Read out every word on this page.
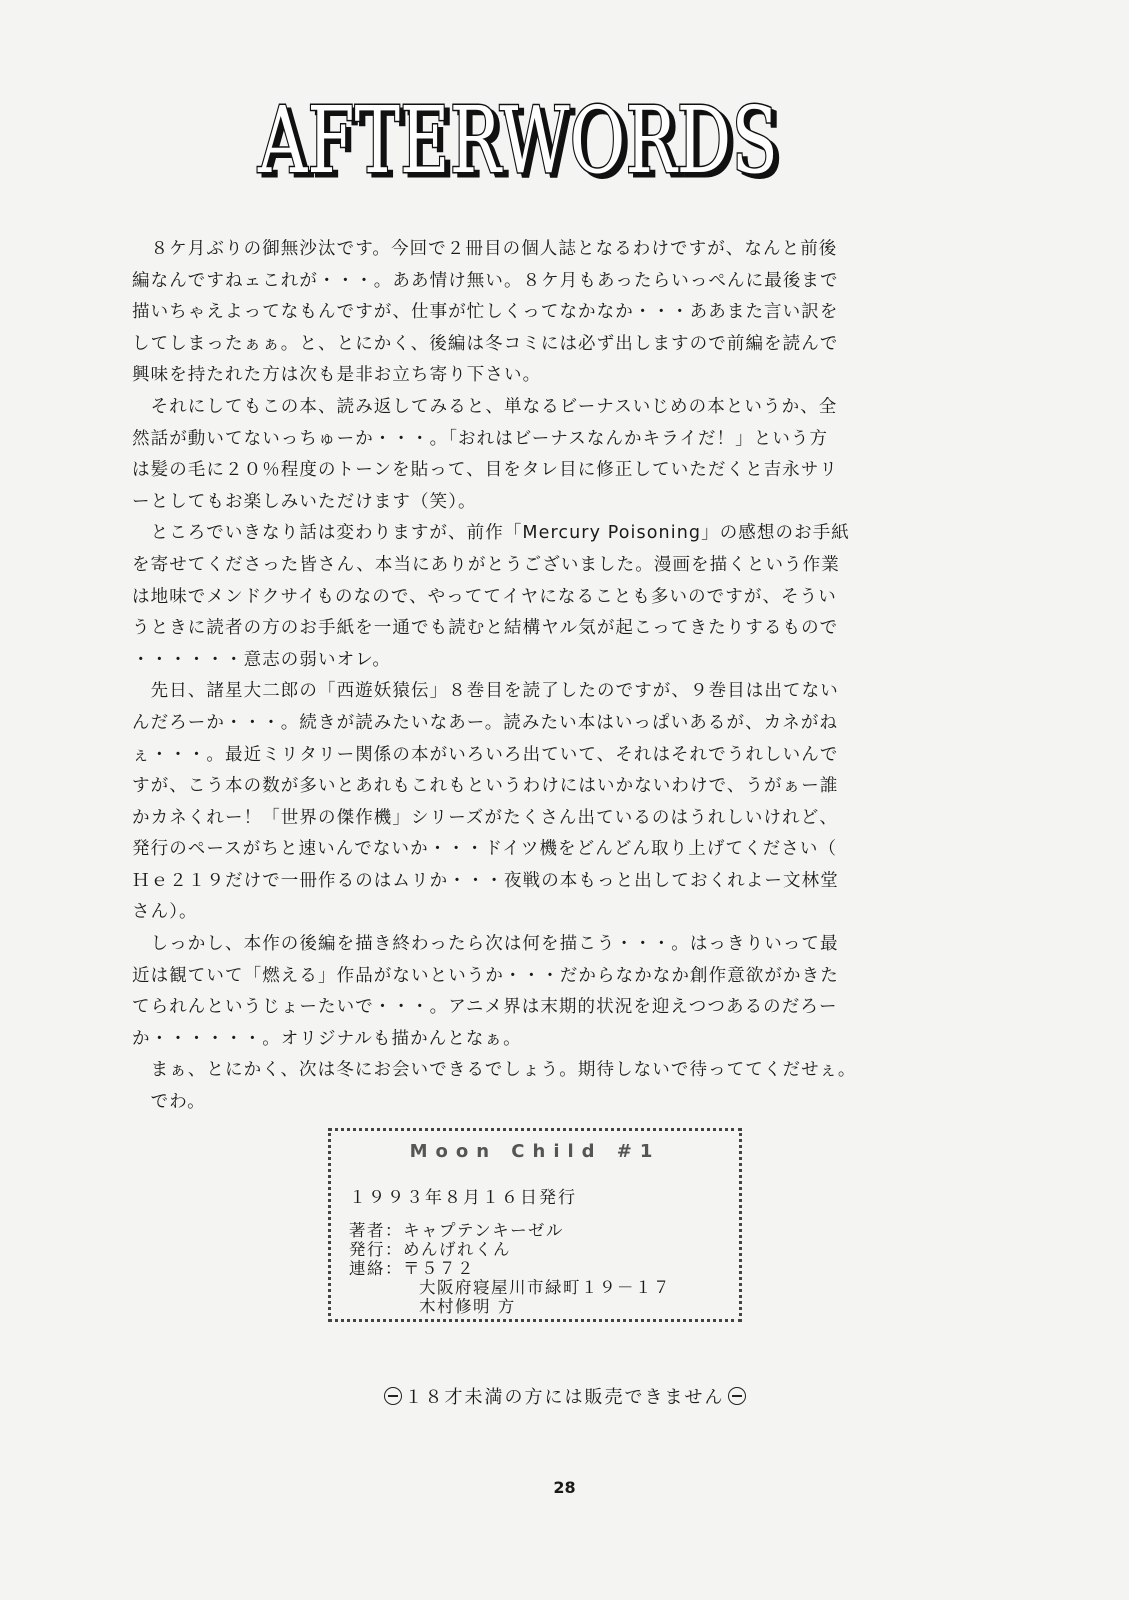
AFTERWORDS
AFTERWORDS
　８ケ月ぶりの御無沙汰です。今回で２冊目の個人誌となるわけですが、なんと前後
編なんですねェこれが・・・。ああ情け無い。８ケ月もあったらいっぺんに最後まで
描いちゃえよってなもんですが、仕事が忙しくってなかなか・・・ああまた言い訳を
してしまったぁぁ。と、とにかく、後編は冬コミには必ず出しますので前編を読んで
興味を持たれた方は次も是非お立ち寄り下さい。
　それにしてもこの本、読み返してみると、単なるビーナスいじめの本というか、全
然話が動いてないっちゅーか・・・。「おれはビーナスなんかキライだ！」という方
は髪の毛に２０％程度のトーンを貼って、目をタレ目に修正していただくと吉永サリ
ーとしてもお楽しみいただけます（笑）。
　ところでいきなり話は変わりますが、前作「Mercury Poisoning」の感想のお手紙
を寄せてくださった皆さん、本当にありがとうございました。漫画を描くという作業
は地味でメンドクサイものなので、やっててイヤになることも多いのですが、そうい
うときに読者の方のお手紙を一通でも読むと結構ヤル気が起こってきたりするもので
・・・・・・意志の弱いオレ。
　先日、諸星大二郎の「西遊妖猿伝」８巻目を読了したのですが、９巻目は出てない
んだろーか・・・。続きが読みたいなあー。読みたい本はいっぱいあるが、カネがね
ぇ・・・。最近ミリタリー関係の本がいろいろ出ていて、それはそれでうれしいんで
すが、こう本の数が多いとあれもこれもというわけにはいかないわけで、うがぁー誰
かカネくれー！「世界の傑作機」シリーズがたくさん出ているのはうれしいけれど、
発行のペースがちと速いんでないか・・・ドイツ機をどんどん取り上げてください（
Ｈｅ２１９だけで一冊作るのはムリか・・・夜戦の本もっと出しておくれよー文林堂
さん）。
　しっかし、本作の後編を描き終わったら次は何を描こう・・・。はっきりいって最
近は観ていて「燃える」作品がないというか・・・だからなかなか創作意欲がかきた
てられんというじょーたいで・・・。アニメ界は末期的状況を迎えつつあるのだろー
か・・・・・・。オリジナルも描かんとなぁ。
　まぁ、とにかく、次は冬にお会いできるでしょう。期待しないで待っててくだせぇ。
　でわ。
Moon Child #1
１９９３年８月１６日発行
著者：キャプテンキーゼル
発行：めんげれくん
連絡：〒５７２
大阪府寝屋川市緑町１９－１７
木村修明 方
１８才未満の方には販売できません
28
